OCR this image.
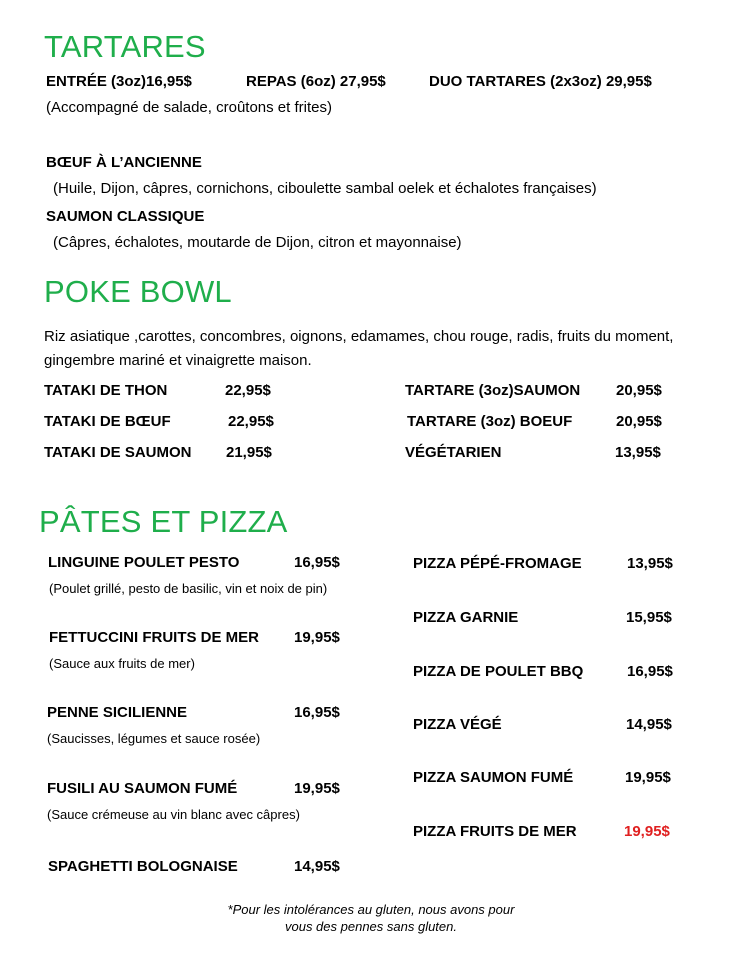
TARTARES
ENTRÉE (3oz)16,95$	REPAS (6oz) 27,95$	DUO TARTARES (2x3oz) 29,95$
(Accompagné de salade, croûtons et frites)
BŒUF À L’ANCIENNE
(Huile, Dijon, câpres, cornichons, ciboulette sambal oelek et échalotes françaises)
SAUMON CLASSIQUE
(Câpres, échalotes, moutarde de Dijon, citron et mayonnaise)
POKE BOWL
Riz asiatique ,carottes, concombres, oignons, edamames, chou rouge, radis, fruits du moment, gingembre mariné et vinaigrette maison.
TATAKI DE THON	22,95$
TATAKI DE BŒUF	22,95$
TATAKI DE SAUMON 21,95$
TARTARE (3oz)SAUMON 20,95$
TARTARE (3oz) BOEUF	20,95$
VÉGÉTARIEN	13,95$
PÂTES ET PIZZA
LINGUINE POULET PESTO	16,95$
(Poulet grillé, pesto de basilic, vin et noix de pin)
FETTUCCINI FRUITS DE MER 19,95$
(Sauce aux fruits de mer)
PENNE SICILIENNE	16,95$
(Saucisses, légumes et sauce rosée)
FUSILI AU SAUMON FUMÉ	19,95$
(Sauce crémeuse au vin blanc avec câpres)
SPAGHETTI BOLOGNAISE	14,95$
PIZZA PÉPÉ-FROMAGE	13,95$
PIZZA GARNIE	15,95$
PIZZA DE POULET BBQ	16,95$
PIZZA VÉGÉ	14,95$
PIZZA SAUMON FUMÉ	19,95$
PIZZA FRUITS DE MER	19,95$
*Pour les intolérances au gluten, nous avons pour
vous des pennes sans gluten.
